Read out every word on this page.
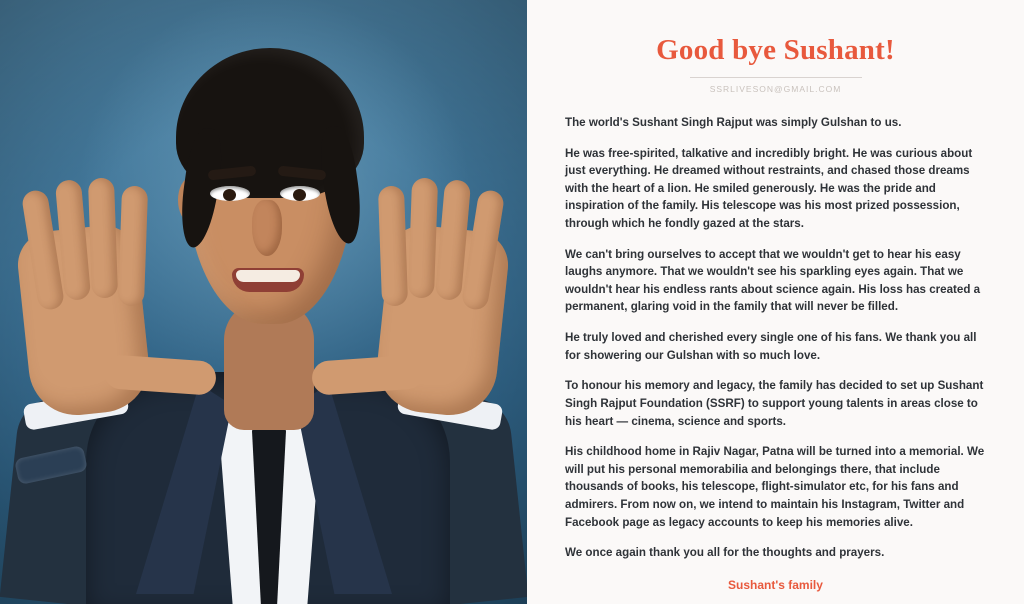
Good bye Sushant!
SSRLIVESON@GMAIL.COM

The world's Sushant Singh Rajput was simply Gulshan to us.

He was free-spirited, talkative and incredibly bright. He was curious about just everything. He dreamed without restraints, and chased those dreams with the heart of a lion. He smiled generously. He was the pride and inspiration of the family. His telescope was his most prized possession, through which he fondly gazed at the stars.

We can't bring ourselves to accept that we wouldn't get to hear his easy laughs anymore. That we wouldn't see his sparkling eyes again. That we wouldn't hear his endless rants about science again. His loss has created a permanent, glaring void in the family that will never be filled.

He truly loved and cherished every single one of his fans. We thank you all for showering our Gulshan with so much love.

To honour his memory and legacy, the family has decided to set up Sushant Singh Rajput Foundation (SSRF) to support young talents in areas close to his heart — cinema, science and sports.

His childhood home in Rajiv Nagar, Patna will be turned into a memorial. We will put his personal memorabilia and belongings there, that include thousands of books, his telescope, flight-simulator etc, for his fans and admirers. From now on, we intend to maintain his Instagram, Twitter and Facebook page as legacy accounts to keep his memories alive.

We once again thank you all for the thoughts and prayers.

Sushant's family
